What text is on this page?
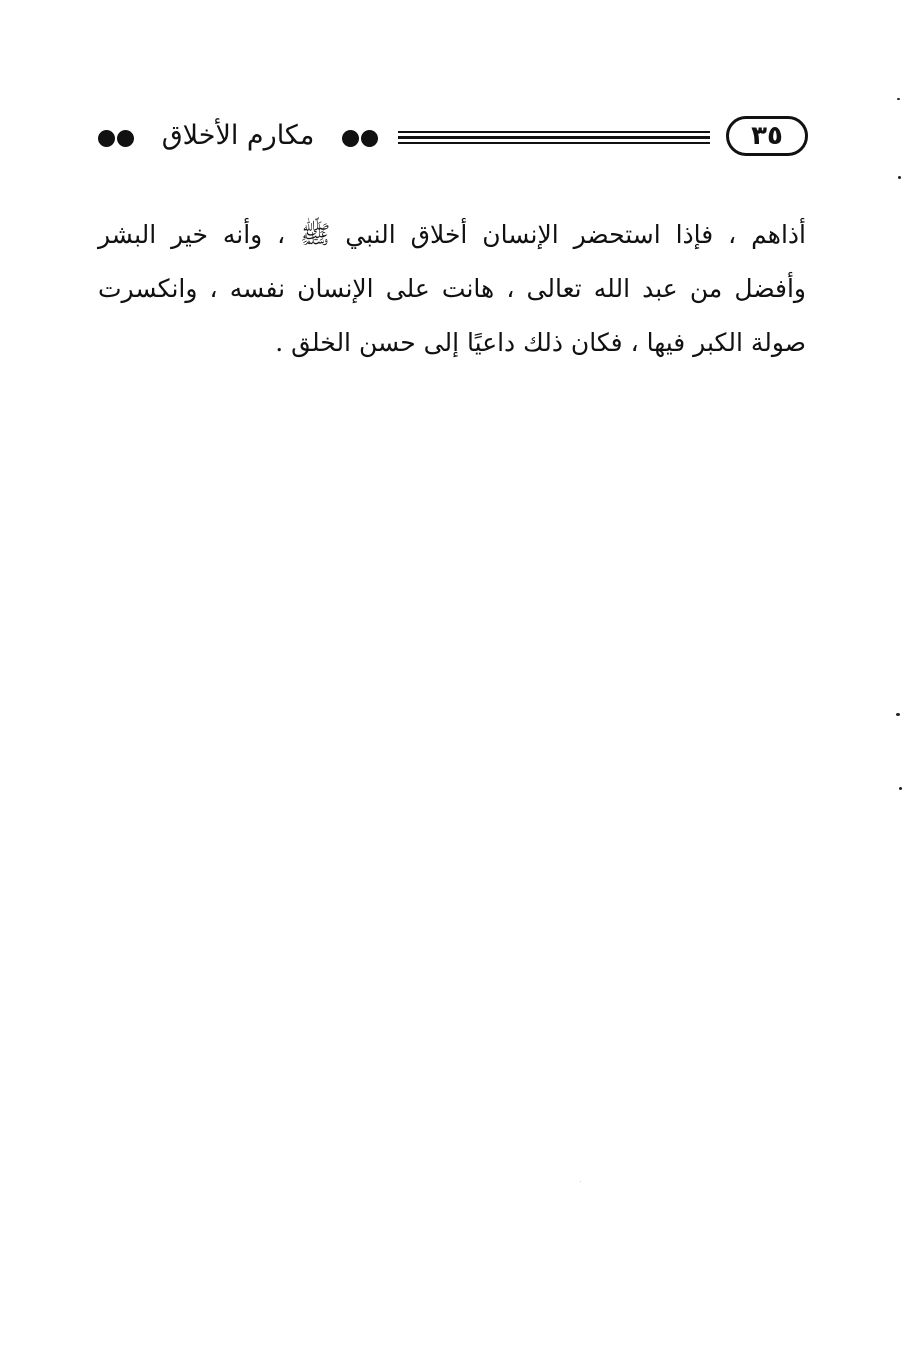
٣٥
مكارم الأخلاق
أذاهم ، فإذا استحضر الإنسان أخلاق النبي ﷺ ، وأنه خير البشر
وأفضل من عبد الله تعالى ، هانت على الإنسان نفسه ، وانكسرت
صولة الكبر فيها ، فكان ذلك داعيًا إلى حسن الخلق .
